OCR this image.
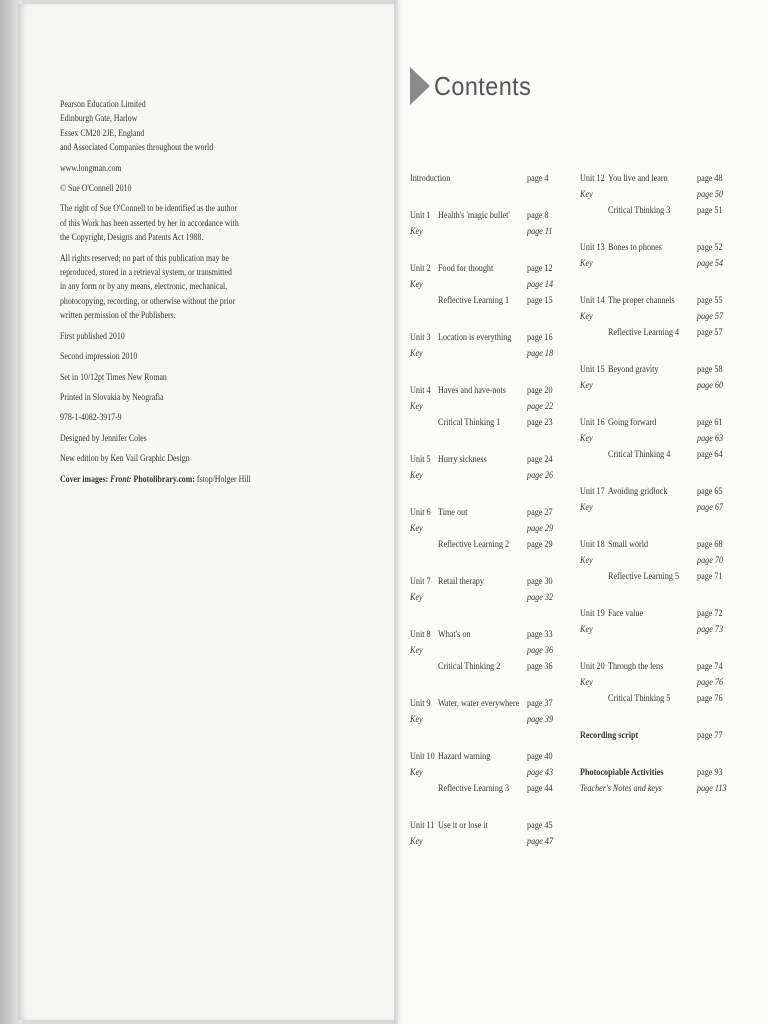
Pearson Education Limited
Edinburgh Gate, Harlow
Essex CM20 2JE, England
and Associated Companies throughout the world
www.longman.com
© Sue O'Connell 2010
The right of Sue O'Connell to be identified as the author
of this Work has been asserted by her in accordance with
the Copyright, Designs and Patents Act 1988.
All rights reserved; no part of this publication may be
reproduced, stored in a retrieval system, or transmitted
in any form or by any means, electronic, mechanical,
photocopying, recording, or otherwise without the prior
written permission of the Publishers.
First published 2010
Second impression 2010
Set in 10/12pt Times New Roman
Printed in Slovakia by Neografia
978-1-4082-3917-9
Designed by Jennifer Coles
New edition by Ken Vail Graphic Design
Cover images: Front: Photolibrary.com: fstop/Holger Hill
Contents
Introduction	page 4
Unit 1 Health's 'magic bullet' page 8
Key	page 11
Unit 2 Food for thought	page 12
Key	page 14
Reflective Learning 1 page 15
Unit 3 Location is everything page 16
Key	page 18
Unit 4 Haves and have-nots page 20
Key	page 22
Critical Thinking 1	page 23
Unit 5 Hurry sickness	page 24
Key	page 26
Unit 6 Time out	page 27
Key	page 29
Reflective Learning 2 page 29
Unit 7 Retail therapy	page 30
Key	page 32
Unit 8 What's on	page 33
Key	page 36
Critical Thinking 2	page 36
Unit 9 Water, water everywhere page 37
Key	page 39
Unit 10 Hazard warning	page 40
Key	page 43
Reflective Learning 3 page 44
Unit 11 Use it or lose it	page 45
Key	page 47
Unit 12 You live and learn	page 48
Key	page 50
Critical Thinking 3	page 51
Unit 13 Bones to phones	page 52
Key	page 54
Unit 14 The proper channels page 55
Key	page 57
Reflective Learning 4 page 57
Unit 15 Beyond gravity	page 58
Key	page 60
Unit 16 Going forward	page 61
Key	page 63
Critical Thinking 4	page 64
Unit 17 Avoiding gridlock	page 65
Key	page 67
Unit 18 Small world	page 68
Key	page 70
Reflective Learning 5 page 71
Unit 19 Face value	page 72
Key	page 73
Unit 20 Through the lens	page 74
Key	page 76
Critical Thinking 5	page 76
Recording script	page 77
Photocopiable Activities	page 93
Teacher's Notes and keys	page 113
